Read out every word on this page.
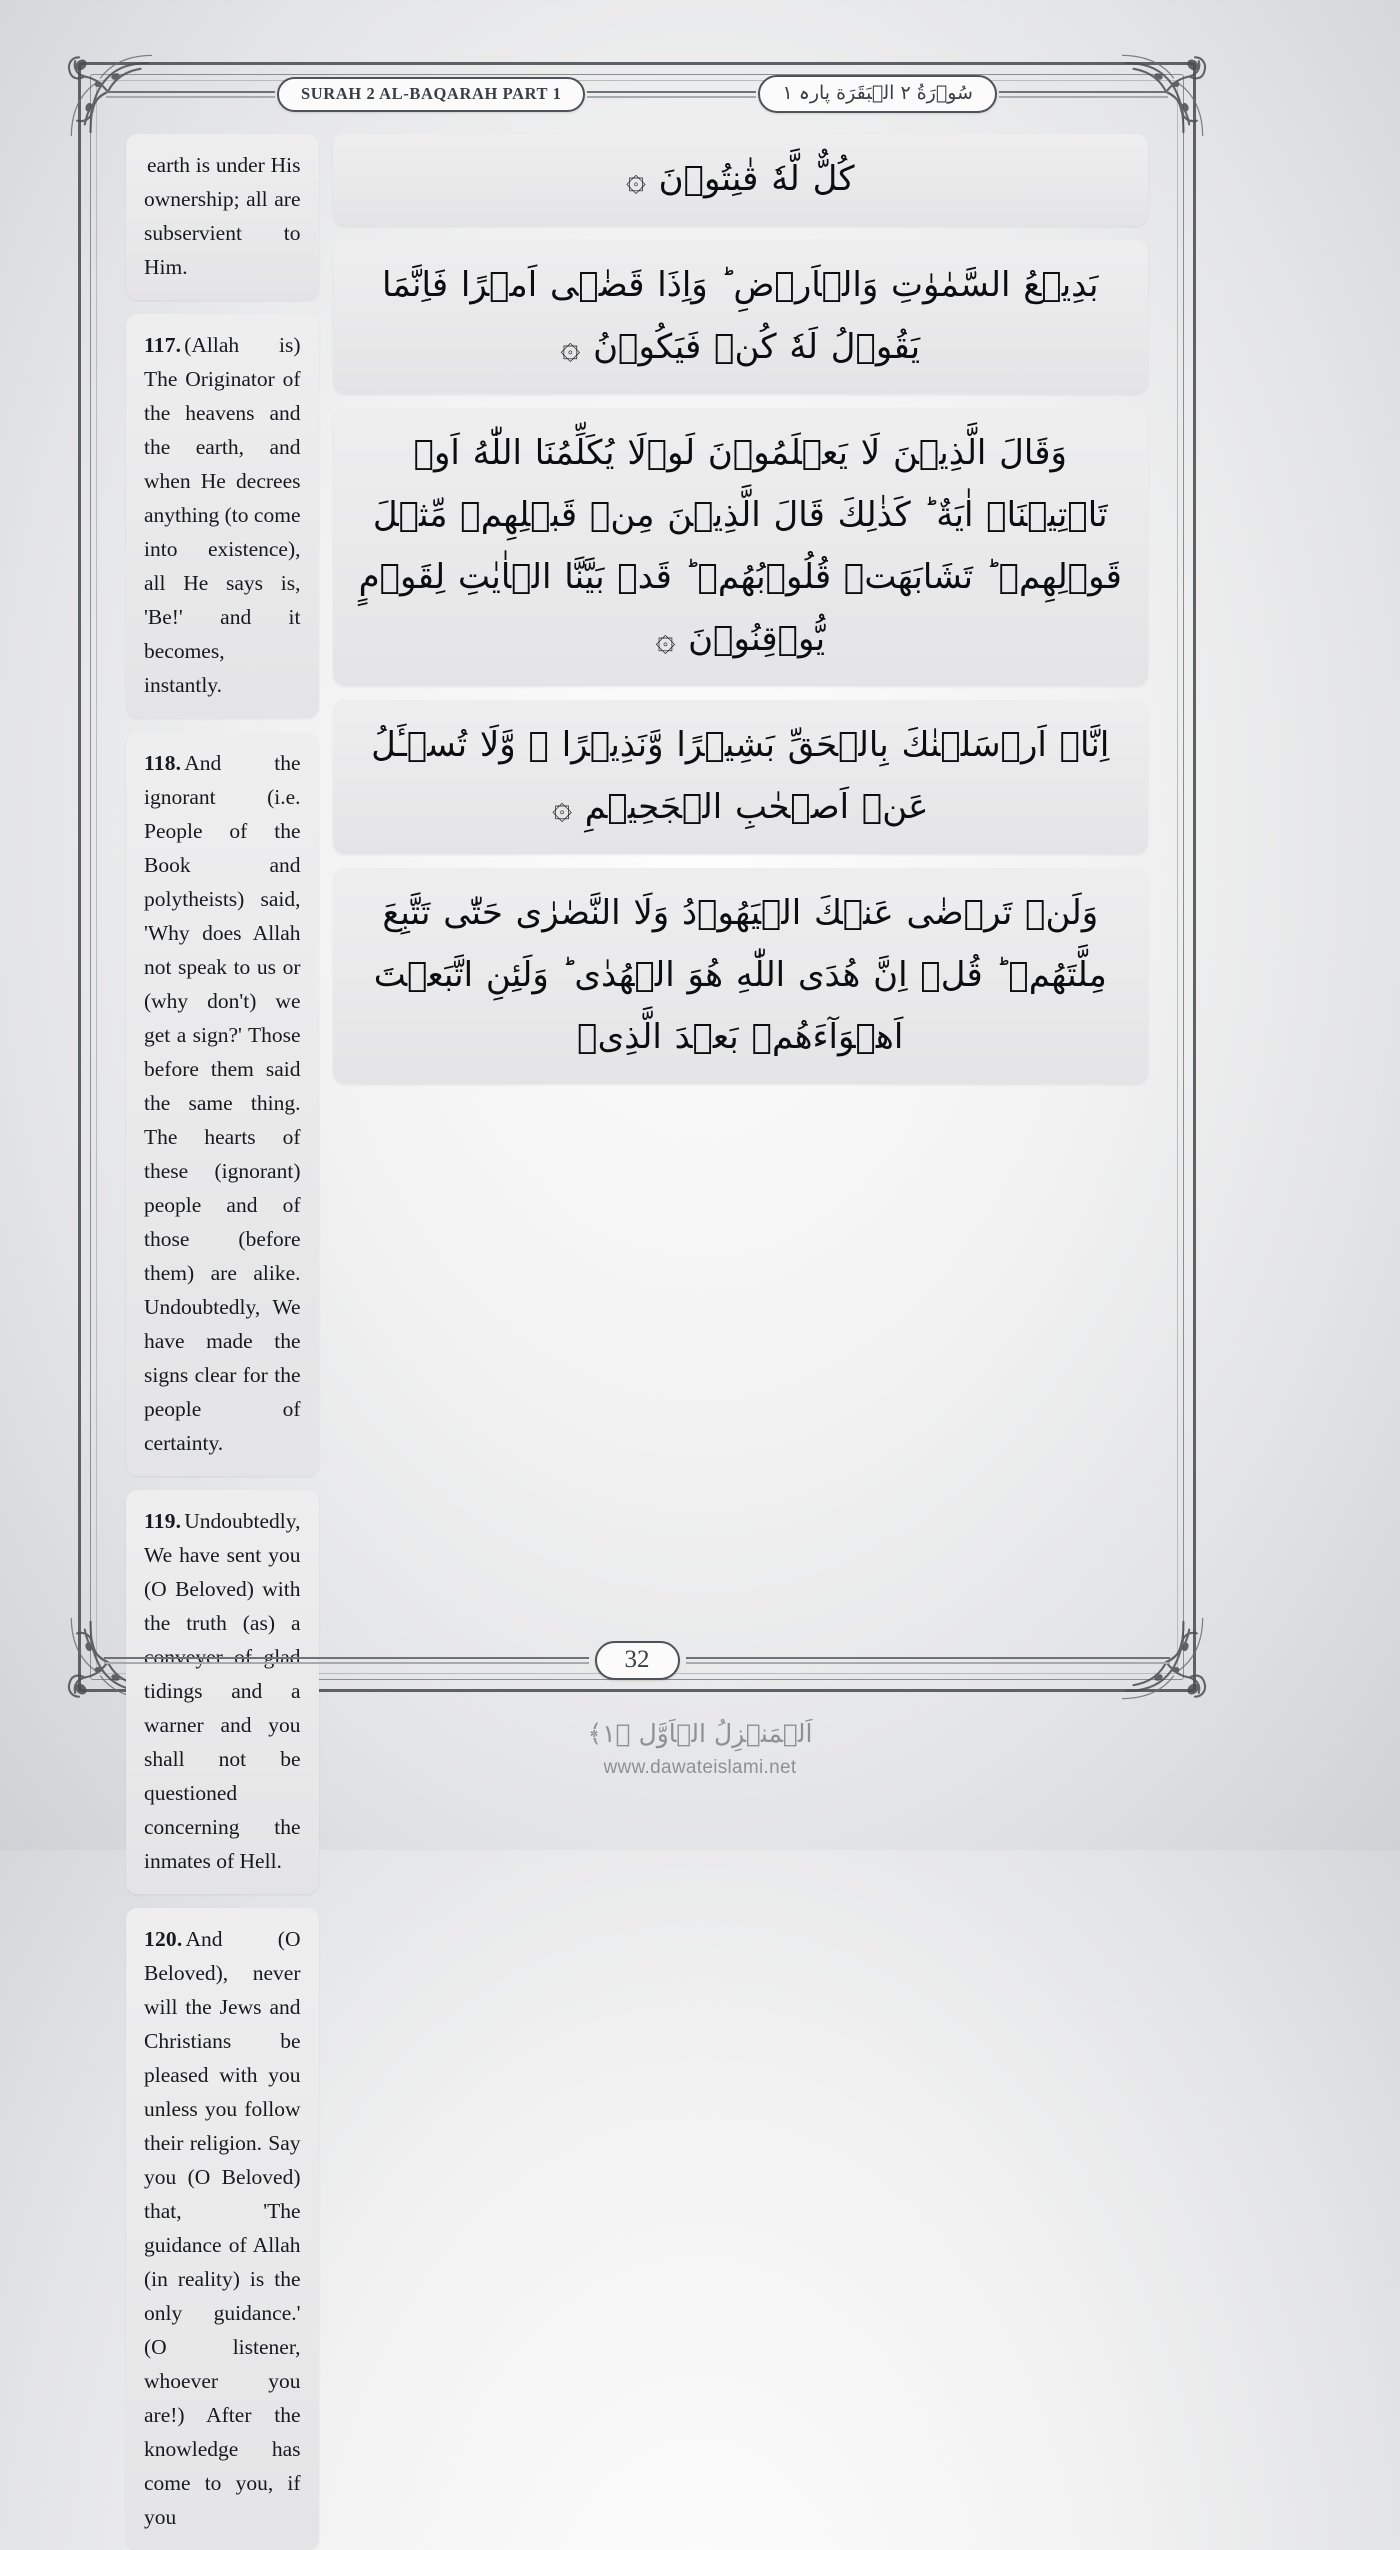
SURAH 2 AL-BAQARAH PART 1	سُوۡرَةُ ٢ الۡبَقَرَة پارہ ١
earth is under His ownership; all are subservient to Him.
117. (Allah is) The Originator of the heavens and the earth, and when He decrees anything (to come into existence), all He says is, 'Be!' and it becomes, instantly.
118. And the ignorant (i.e. People of the Book and polytheists) said, 'Why does Allah not speak to us or (why don't) we get a sign?' Those before them said the same thing. The hearts of these (ignorant) people and of those (before them) are alike. Undoubtedly, We have made the signs clear for the people of certainty.
119. Undoubtedly, We have sent you (O Beloved) with the truth (as) a conveyer of glad tidings and a warner and you shall not be questioned concerning the inmates of Hell.
120. And (O Beloved), never will the Jews and Christians be pleased with you unless you follow their religion. Say you (O Beloved) that, 'The guidance of Allah (in reality) is the only guidance.' (O listener, whoever you are!) After the knowledge has come to you, if you
كُلٌّ لَّهٗ قٰنِتُوۡنَ ۞
بَدِيۡعُ السَّمٰوٰتِ وَالۡاَرۡضِ ؕ وَاِذَا قَضٰۤى اَمۡرًا فَاِنَّمَا يَقُوۡلُ لَهٗ كُنۡ فَيَكُوۡنُ ۞
وَقَالَ الَّذِيۡنَ لَا يَعۡلَمُوۡنَ لَوۡلَا يُكَلِّمُنَا اللّٰهُ اَوۡ تَاۡتِيۡنَاۤ اٰيَةٌ ؕ كَذٰلِكَ قَالَ الَّذِيۡنَ مِنۡ قَبۡلِهِمۡ مِّثۡلَ قَوۡلِهِمۡ ؕ تَشَابَهَتۡ قُلُوۡبُهُمۡ ؕ قَدۡ بَيَّنَّا الۡاٰيٰتِ لِقَوۡمٍ يُّوۡقِنُوۡنَ ۞
اِنَّاۤ اَرۡسَلۡنٰكَ بِالۡحَقِّ بَشِيۡرًا وَّنَذِيۡرًا ۙ وَّلَا تُسۡـَٔلُ عَنۡ اَصۡحٰبِ الۡجَحِيۡمِ ۞
وَلَنۡ تَرۡضٰى عَنۡكَ الۡيَهُوۡدُ وَلَا النَّصٰرٰى حَتّٰى تَتَّبِعَ مِلَّتَهُمۡ ؕ قُلۡ اِنَّ هُدَى اللّٰهِ هُوَ الۡهُدٰى ؕ وَلَئِنِ اتَّبَعۡتَ اَهۡوَآءَهُمۡ بَعۡدَ الَّذِىۡ
32
اَلۡمَنۡزِلُ الۡاَوَّل ﴿١﴾
www.dawateislami.net
